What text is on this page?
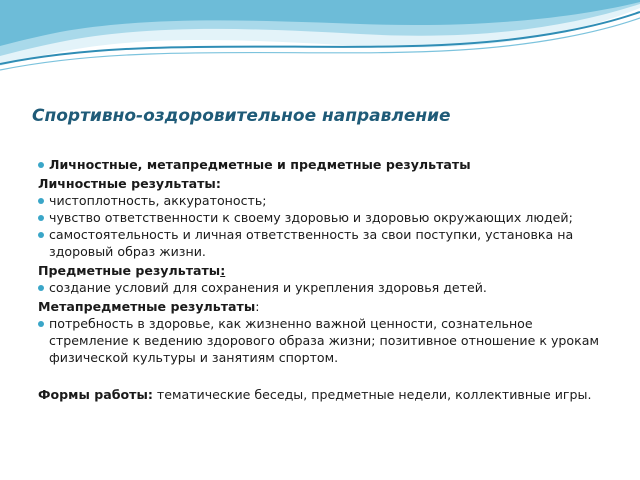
Спортивно-оздоровительное направление

Личностные, метапредметные и предметные результаты

Личностные результаты:

чистоплотность, аккуратоность;

чувство ответственности к своему здоровью и здоровью окружающих людей;

самостоятельность и личная ответственность за свои поступки, установка на здоровый образ жизни.

Предметные результаты:

создание условий для сохранения и укрепления здоровья детей.

Метапредметные результаты:

потребность в здоровье, как жизненно важной ценности, сознательное стремление к ведению здорового образа жизни; позитивное отношение к урокам физической культуры и занятиям спортом.

Формы работы: тематические беседы, предметные недели, коллективные игры.
